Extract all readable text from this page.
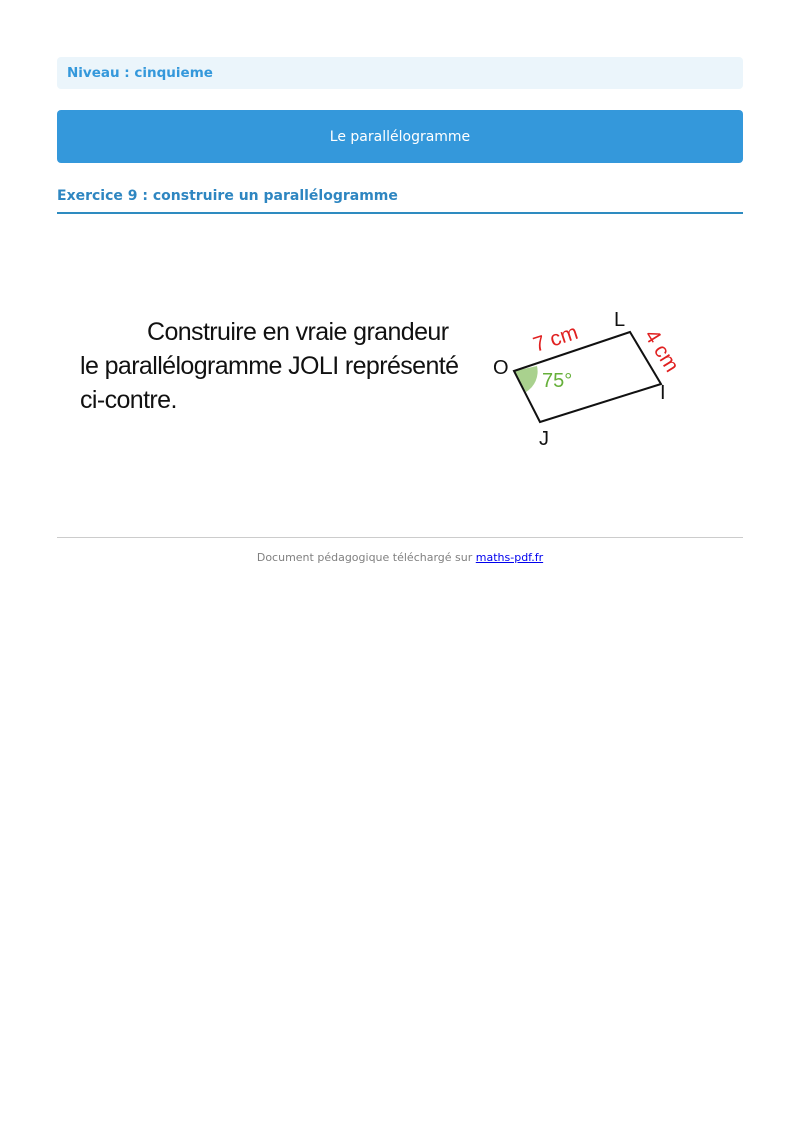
Niveau : cinquieme
Le parallélogramme
Exercice 9 : construire un parallélogramme
Construire en vraie grandeur
le parallélogramme JOLI représenté
ci-contre.
O
L
I
J
7 cm	4 cm
75°
Document pédagogique téléchargé sur maths-pdf.fr
